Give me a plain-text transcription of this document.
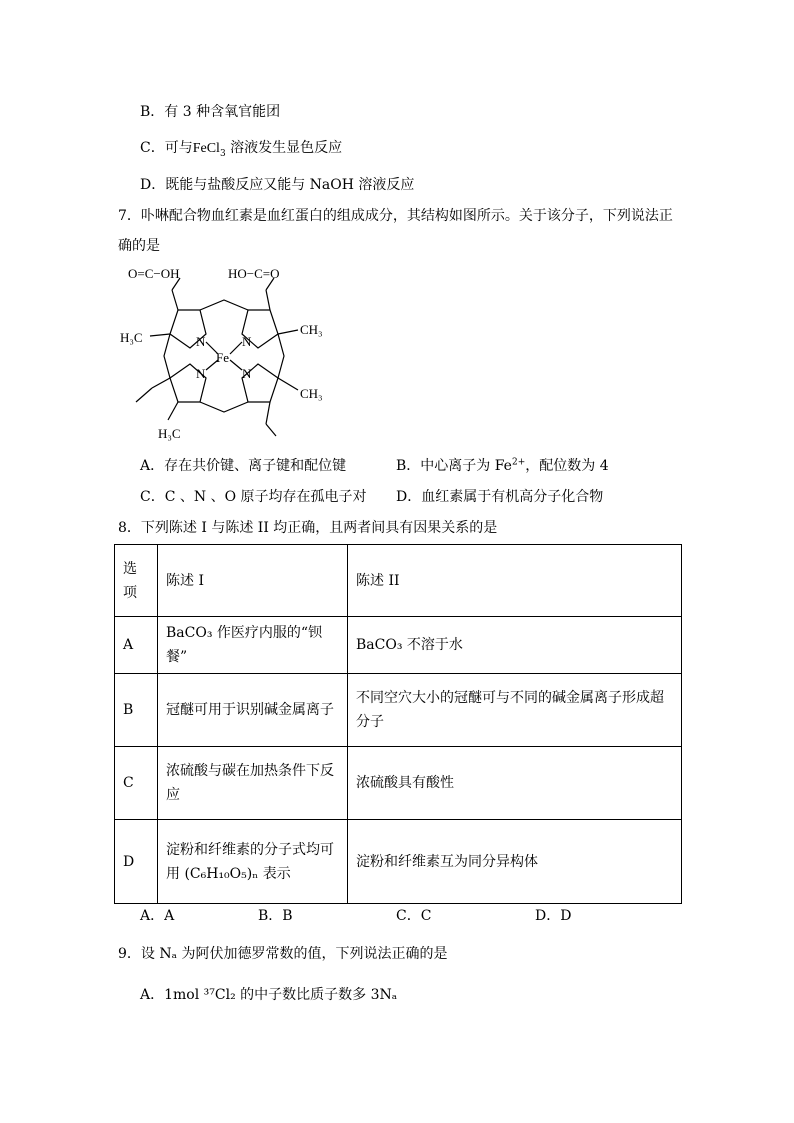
B．有 3 种含氧官能团
C．可与FeCl$_3$ 溶液发生显色反应
D．既能与盐酸反应又能与 NaOH 溶液反应
7．卟啉配合物血红素是血红蛋白的组成成分，其结构如图所示。关于该分子，下列说法正
确的是
O=C−OH	HO−C=O
H₃C
CH₃
CH₃
H₃C
Fe
N	N
N	N
A．存在共价键、离子键和配位键	B．中心离子为 $Fe^{2+}$，配位数为 4
C．C 、N 、O 原子均存在孤电子对 D．血红素属于有机高分子化合物
8．下列陈述 I 与陈述 II 均正确，且两者间具有因果关系的是
选项	陈述 I	陈述 II
A	BaCO₃ 作医疗内服的“钡餐”	BaCO₃ 不溶于水
B	冠醚可用于识别碱金属离子	不同空穴大小的冠醚可与不同的碱金属离子形成超分子
C	浓硫酸与碳在加热条件下反应	浓硫酸具有酸性
D	淀粉和纤维素的分子式均可用 (C₆H₁₀O₅)ₙ 表示	淀粉和纤维素互为同分异构体
A．A	B．B	C．C	D．D
9．设 Nₐ 为阿伏加德罗常数的值，下列说法正确的是
A．1mol ³⁷Cl₂ 的中子数比质子数多 3Nₐ
